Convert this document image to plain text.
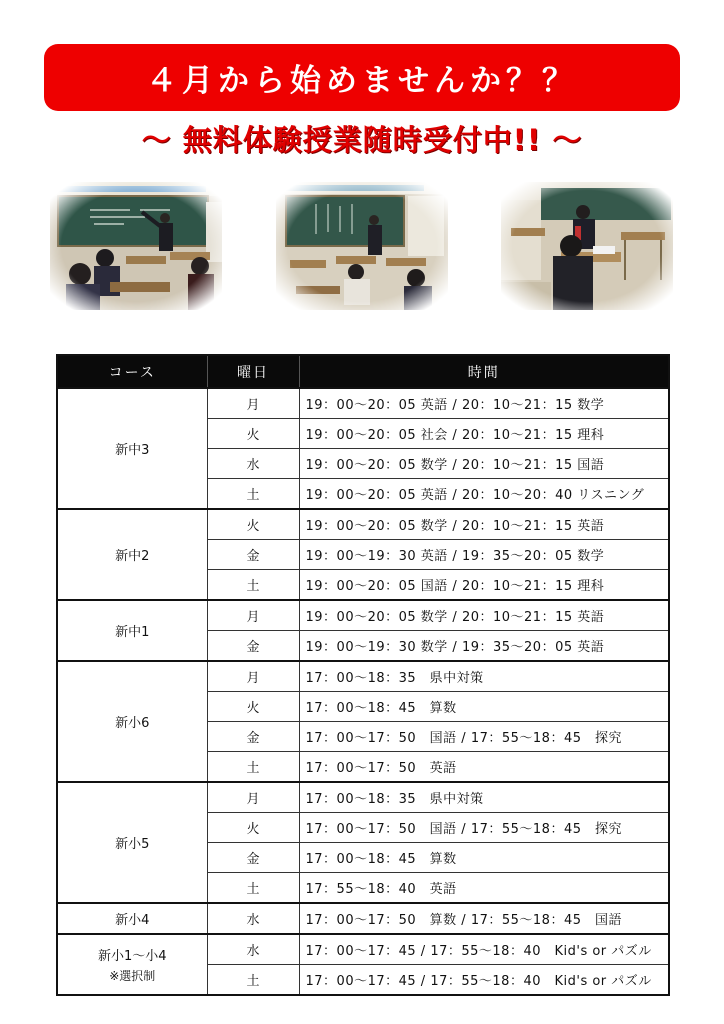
４月から始めませんか？？
～ 無料体験授業随時受付中!! ～
コース	曜日	時間
新中3	月	19：00～20：05 英語 / 20：10～21：15 数学
	火	19：00～20：05 社会 / 20：10～21：15 理科
	水	19：00～20：05 数学 / 20：10～21：15 国語
	土	19：00～20：05 英語 / 20：10～20：40 リスニング
新中2	火	19：00～20：05 数学 / 20：10～21：15 英語
	金	19：00～19：30 英語 / 19：35～20：05 数学
	土	19：00～20：05 国語 / 20：10～21：15 理科
新中1	月	19：00～20：05 数学 / 20：10～21：15 英語
	金	19：00～19：30 数学 / 19：35～20：05 英語
新小6	月	17：00～18：35　県中対策
	火	17：00～18：45　算数
	金	17：00～17：50　国語 / 17：55～18：45　探究
	土	17：00～17：50　英語
新小5	月	17：00～18：35　県中対策
	火	17：00～17：50　国語 / 17：55～18：45　探究
	金	17：00～18：45　算数
	土	17：55～18：40　英語
新小4	水	17：00～17：50　算数 / 17：55～18：45　国語
新小1～小4
※選択制	水	17：00～17：45 / 17：55～18：40　Kid's or パズル
	土	17：00～17：45 / 17：55～18：40　Kid's or パズル
